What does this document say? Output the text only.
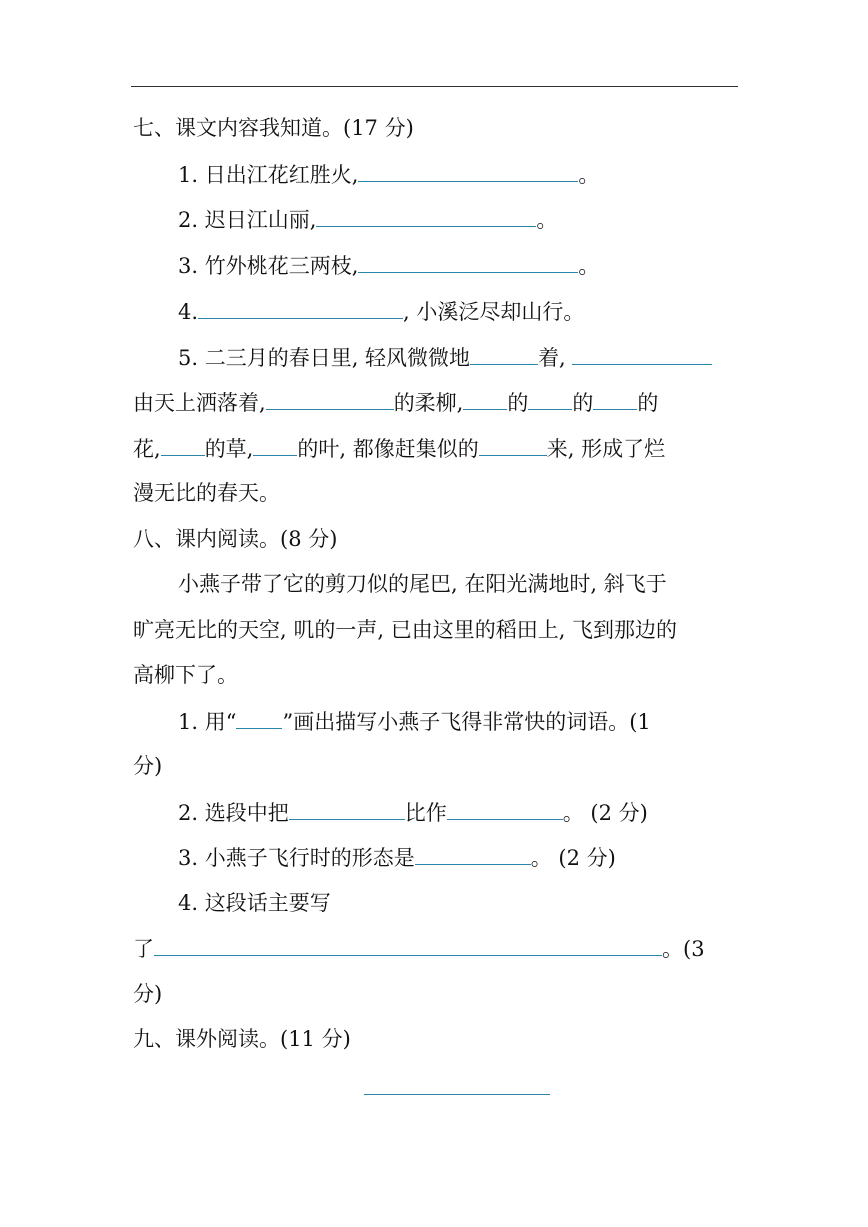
七、课文内容我知道。(17 分)
1. 日出江花红胜火,	。
2. 迟日江山丽,	。
3. 竹外桃花三两枝,	。
4.	, 小溪泛尽却山行。
5. 二三月的春日里, 轻风微微地	着,
由天上洒落着,	的柔柳, 的 的 的
花, 的草, 的叶, 都像赶集似的	来, 形成了烂
漫无比的春天。
八、课内阅读。(8 分)
小燕子带了它的剪刀似的尾巴, 在阳光满地时, 斜飞于
旷亮无比的天空, 叽的一声, 已由这里的稻田上, 飞到那边的
高柳下了。
1. 用“ ”画出描写小燕子飞得非常快的词语。(1
分)
2. 选段中把	比作	。 (2 分)
3. 小燕子飞行时的形态是	。 (2 分)
4. 这段话主要写
了	。(3
分)
九、课外阅读。(11 分)
